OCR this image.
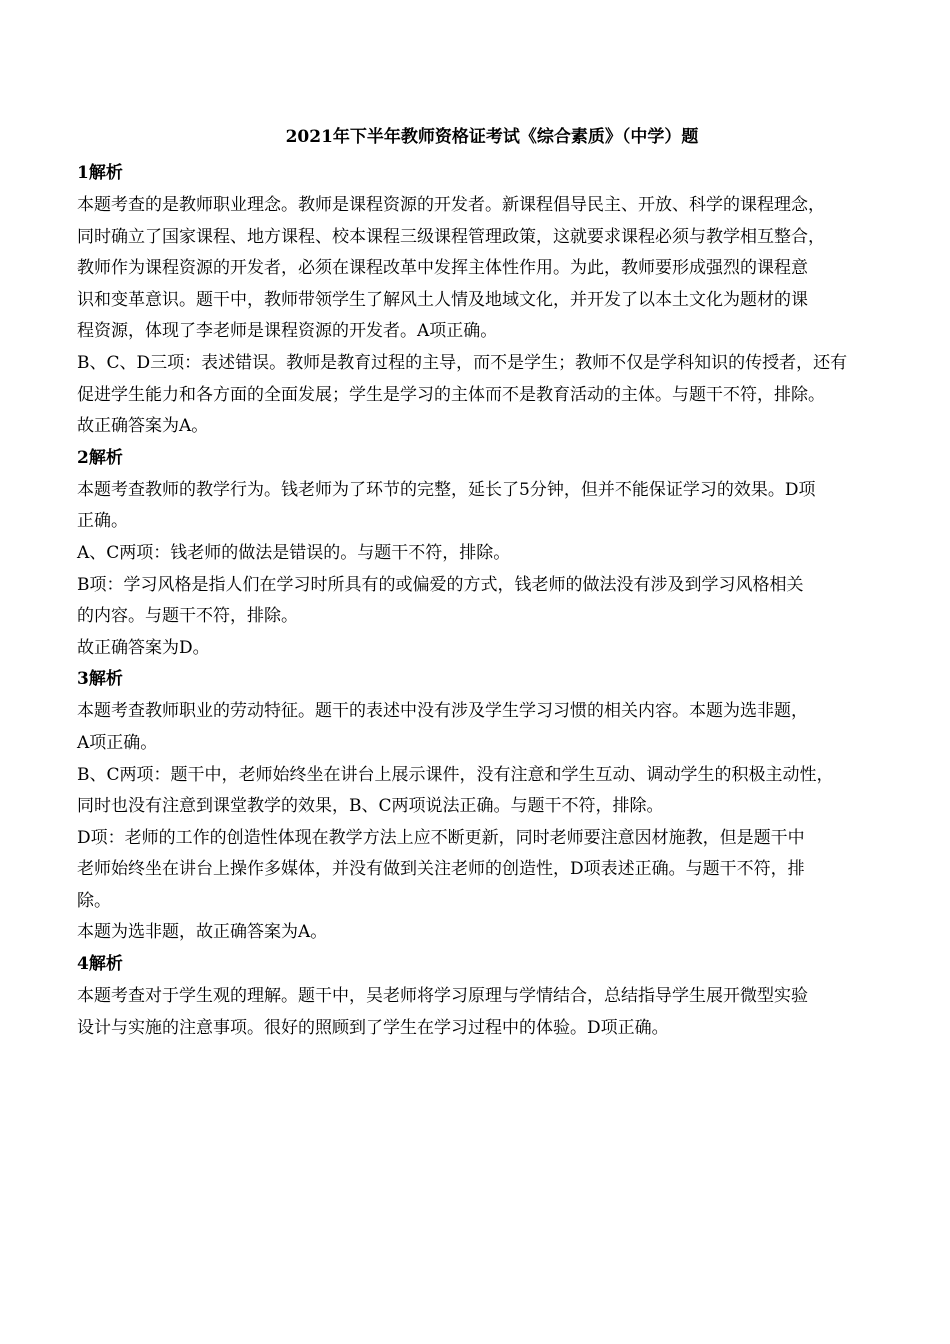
2021年下半年教师资格证考试《综合素质》（中学）题
1解析
本题考查的是教师职业理念。教师是课程资源的开发者。新课程倡导民主、开放、科学的课程理念，
同时确立了国家课程、地方课程、校本课程三级课程管理政策，这就要求课程必须与教学相互整合，
教师作为课程资源的开发者，必须在课程改革中发挥主体性作用。为此，教师要形成强烈的课程意
识和变革意识。题干中，教师带领学生了解风土人情及地域文化，并开发了以本土文化为题材的课
程资源，体现了李老师是课程资源的开发者。A项正确。
B、C、D三项：表述错误。教师是教育过程的主导，而不是学生；教师不仅是学科知识的传授者，还有
促进学生能力和各方面的全面发展；学生是学习的主体而不是教育活动的主体。与题干不符，排除。
故正确答案为A。
2解析
本题考查教师的教学行为。钱老师为了环节的完整，延长了5分钟，但并不能保证学习的效果。D项
正确。
A、C两项：钱老师的做法是错误的。与题干不符，排除。
B项：学习风格是指人们在学习时所具有的或偏爱的方式，钱老师的做法没有涉及到学习风格相关
的内容。与题干不符，排除。
故正确答案为D。
3解析
本题考查教师职业的劳动特征。题干的表述中没有涉及学生学习习惯的相关内容。本题为选非题，
A项正确。
B、C两项：题干中，老师始终坐在讲台上展示课件，没有注意和学生互动、调动学生的积极主动性，
同时也没有注意到课堂教学的效果，B、C两项说法正确。与题干不符，排除。
D项：老师的工作的创造性体现在教学方法上应不断更新，同时老师要注意因材施教，但是题干中
老师始终坐在讲台上操作多媒体，并没有做到关注老师的创造性，D项表述正确。与题干不符，排
除。
本题为选非题，故正确答案为A。
4解析
本题考查对于学生观的理解。题干中，吴老师将学习原理与学情结合，总结指导学生展开微型实验
设计与实施的注意事项。很好的照顾到了学生在学习过程中的体验。D项正确。
